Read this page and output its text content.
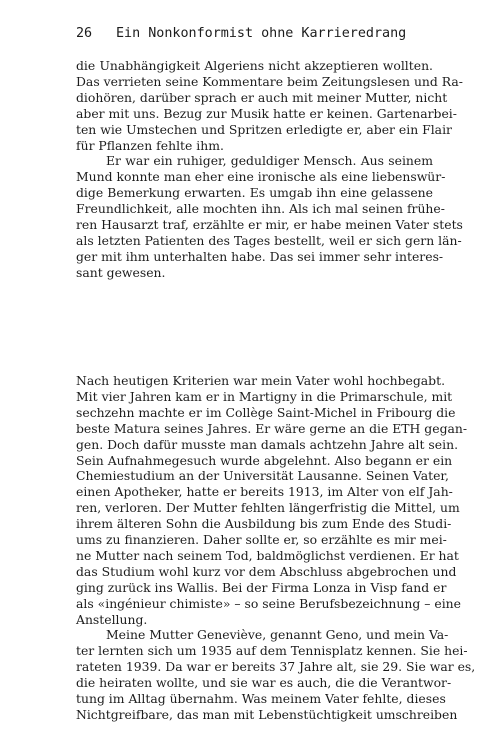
26 Ein Nonkonformist ohne Karrieredrang
die Unabhängigkeit Algeriens nicht akzeptieren wollten.
Das verrieten seine Kommentare beim Zeitungslesen und Ra-
diohören, darüber sprach er auch mit meiner Mutter, nicht
aber mit uns. Bezug zur Musik hatte er keinen. Gartenarbei-
ten wie Umstechen und Spritzen erledigte er, aber ein Flair
für Pflanzen fehlte ihm.
Er war ein ruhiger, geduldiger Mensch. Aus seinem
Mund konnte man eher eine ironische als eine liebenswür-
dige Bemerkung erwarten. Es umgab ihn eine gelassene
Freundlichkeit, alle mochten ihn. Als ich mal seinen frühe-
ren Hausarzt traf, erzählte er mir, er habe meinen Vater stets
als letzten Patienten des Tages bestellt, weil er sich gern län-
ger mit ihm unterhalten habe. Das sei immer sehr interes-
sant gewesen.
Nach heutigen Kriterien war mein Vater wohl hochbegabt.
Mit vier Jahren kam er in Martigny in die Primarschule, mit
sechzehn machte er im Collège Saint-Michel in Fribourg die
beste Matura seines Jahres. Er wäre gerne an die ETH gegan-
gen. Doch dafür musste man damals achtzehn Jahre alt sein.
Sein Aufnahmegesuch wurde abgelehnt. Also begann er ein
Chemiestudium an der Universität Lausanne. Seinen Vater,
einen Apotheker, hatte er bereits 1913, im Alter von elf Jah-
ren, verloren. Der Mutter fehlten längerfristig die Mittel, um
ihrem älteren Sohn die Ausbildung bis zum Ende des Studi-
ums zu finanzieren. Daher sollte er, so erzählte es mir mei-
ne Mutter nach seinem Tod, baldmöglichst verdienen. Er hat
das Studium wohl kurz vor dem Abschluss abgebrochen und
ging zurück ins Wallis. Bei der Firma Lonza in Visp fand er
als «ingénieur chimiste» – so seine Berufsbezeichnung – eine
Anstellung.
Meine Mutter Geneviève, genannt Geno, und mein Va-
ter lernten sich um 1935 auf dem Tennisplatz kennen. Sie hei-
rateten 1939. Da war er bereits 37 Jahre alt, sie 29. Sie war es,
die heiraten wollte, und sie war es auch, die die Verantwor-
tung im Alltag übernahm. Was meinem Vater fehlte, dieses
Nichtgreifbare, das man mit Lebenstüchtigkeit umschreiben
